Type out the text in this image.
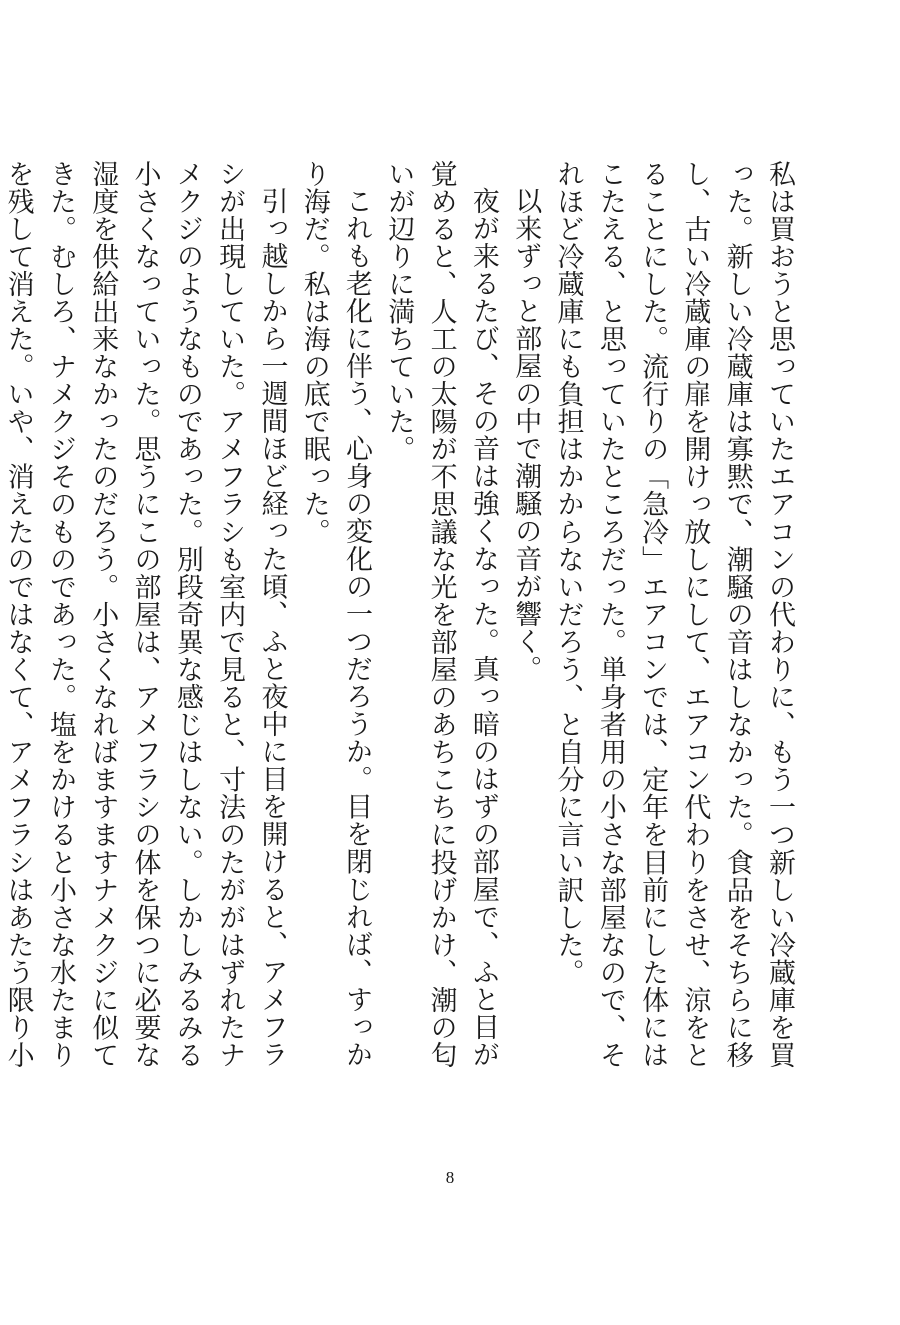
私は買おうと思っていたエアコンの代わりに、もう一つ新しい冷蔵庫を買った。新しい冷蔵庫は寡黙で、潮騒の音はしなかった。食品をそちらに移し、古い冷蔵庫の扉を開けっ放しにして、エアコン代わりをさせ、涼をとることにした。流行りの「急冷」エアコンでは、定年を目前にした体にはこたえる、と思っていたところだった。単身者用の小さな部屋なので、それほど冷蔵庫にも負担はかからないだろう、と自分に言い訳した。

以来ずっと部屋の中で潮騒の音が響く。

夜が来るたび、その音は強くなった。真っ暗のはずの部屋で、ふと目が覚めると、人工の太陽が不思議な光を部屋のあちこちに投げかけ、潮の匂いが辺りに満ちていた。

これも老化に伴う、心身の変化の一つだろうか。目を閉じれば、すっかり海だ。私は海の底で眠った。

引っ越しから一週間ほど経った頃、ふと夜中に目を開けると、アメフラシが出現していた。アメフラシも室内で見ると、寸法のたががはずれたナメクジのようなものであった。別段奇異な感じはしない。しかしみるみる小さくなっていった。思うにこの部屋は、アメフラシの体を保つに必要な湿度を供給出来なかったのだろう。小さくなればますますナメクジに似てきた。むしろ、ナメクジそのものであった。塩をかけると小さな水たまりを残して消えた。いや、消えたのではなくて、アメフラシはあたう限り小

8
